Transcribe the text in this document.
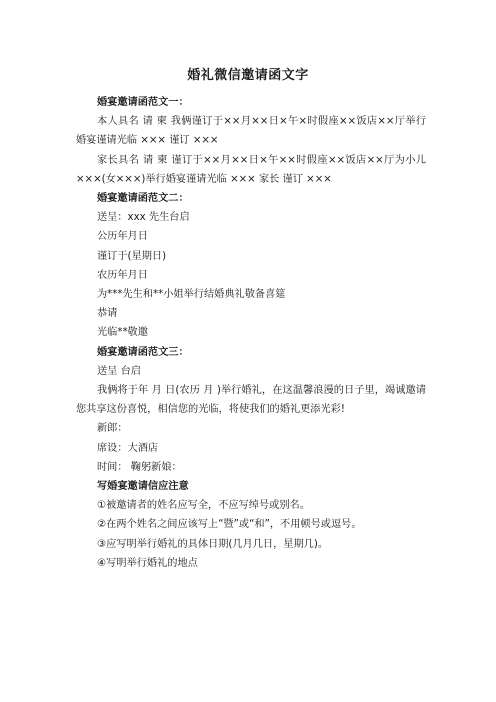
婚礼微信邀请函文字

婚宴邀请函范文一：

本人具名 请 柬 我俩谨订于××月××日×午×时假座××饭店××厅举行婚宴谨请光临 ××× 谨订 ×××

家长具名 请 柬 谨订于××月××日×午××时假座××饭店××厅为小儿×××(女×××)举行婚宴谨请光临 ××× 家长 谨订 ×××

婚宴邀请函范文二：

送呈：xxx 先生台启

公历年月日

谨订于(星期日)

农历年月日

为***先生和**小姐举行结婚典礼敬备喜筵

恭请

光临**敬邀

婚宴邀请函范文三：

送呈 台启

我俩将于年 月 日(农历 月 )举行婚礼，在这温馨浪漫的日子里，竭诚邀请您共享这份喜悦，相信您的光临，将使我们的婚礼更添光彩!

新郎：

席设：大酒店

时间： 鞠躬新娘：

写婚宴邀请信应注意

①被邀请者的姓名应写全，不应写绰号或别名。

②在两个姓名之间应该写上“暨”或“和”，不用顿号或逗号。

③应写明举行婚礼的具体日期(几月几日，星期几)。

④写明举行婚礼的地点
